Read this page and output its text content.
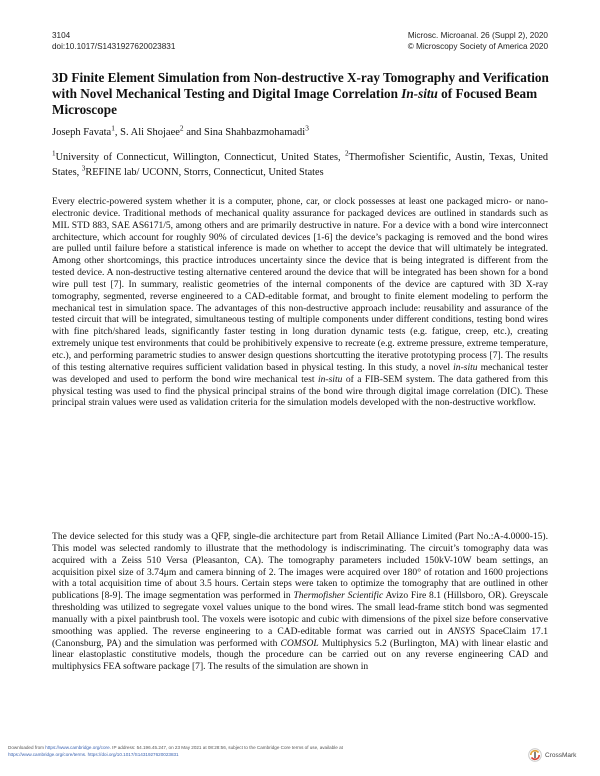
3104
doi:10.1017/S1431927620023831
Microsc. Microanal. 26 (Suppl 2), 2020
© Microscopy Society of America 2020
3D Finite Element Simulation from Non-destructive X-ray Tomography and Verification with Novel Mechanical Testing and Digital Image Correlation In-situ of Focused Beam Microscope

Joseph Favata$^1$, S. Ali Shojaee$^2$ and Sina Shahbazmohamadi$^3$

$^1$University of Connecticut, Willington, Connecticut, United States, $^2$Thermofisher Scientific, Austin, Texas, United States, $^3$REFINE lab/ UCONN, Storrs, Connecticut, United States

Every electric-powered system whether it is a computer, phone, car, or clock possesses at least one packaged micro- or nano-electronic device. Traditional methods of mechanical quality assurance for packaged devices are outlined in standards such as MIL STD 883, SAE AS6171/5, among others and are primarily destructive in nature. For a device with a bond wire interconnect architecture, which account for roughly 90% of circulated devices [1-6] the device’s packaging is removed and the bond wires are pulled until failure before a statistical inference is made on whether to accept the device that will ultimately be integrated. Among other shortcomings, this practice introduces uncertainty since the device that is being integrated is different from the tested device. A non-destructive testing alternative centered around the device that will be integrated has been shown for a bond wire pull test [7]. In summary, realistic geometries of the internal components of the device are captured with 3D X-ray tomography, segmented, reverse engineered to a CAD-editable format, and brought to finite element modeling to perform the mechanical test in simulation space. The advantages of this non-destructive approach include: reusability and assurance of the tested circuit that will be integrated, simultaneous testing of multiple components under different conditions, testing bond wires with fine pitch/shared leads, significantly faster testing in long duration dynamic tests (e.g. fatigue, creep, etc.), creating extremely unique test environments that could be prohibitively expensive to recreate (e.g. extreme pressure, extreme temperature, etc.), and performing parametric studies to answer design questions shortcutting the iterative prototyping process [7]. The results of this testing alternative requires sufficient validation based in physical testing. In this study, a novel in-situ mechanical tester was developed and used to perform the bond wire mechanical test in-situ of a FIB-SEM system. The data gathered from this physical testing was used to find the physical principal strains of the bond wire through digital image correlation (DIC). These principal strain values were used as validation criteria for the simulation models developed with the non-destructive workflow.

The device selected for this study was a QFP, single-die architecture part from Retail Alliance Limited (Part No.:A-4.0000-15). This model was selected randomly to illustrate that the methodology is indiscriminating. The circuit’s tomography data was acquired with a Zeiss 510 Versa (Pleasanton, CA). The tomography parameters included 150kV-10W beam settings, an acquisition pixel size of 3.74μm and camera binning of 2. The images were acquired over 180° of rotation and 1600 projections with a total acquisition time of about 3.5 hours. Certain steps were taken to optimize the tomography that are outlined in other publications [8-9]. The image segmentation was performed in Thermofisher Scientific Avizo Fire 8.1 (Hillsboro, OR). Greyscale thresholding was utilized to segregate voxel values unique to the bond wires. The small lead-frame stitch bond was segmented manually with a pixel paintbrush tool. The voxels were isotopic and cubic with dimensions of the pixel size before conservative smoothing was applied. The reverse engineering to a CAD-editable format was carried out in ANSYS SpaceClaim 17.1 (Canonsburg, PA) and the simulation was performed with COMSOL Multiphysics 5.2 (Burlington, MA) with linear elastic and linear elastoplastic constitutive models, though the procedure can be carried out on any reverse engineering CAD and multiphysics FEA software package [7]. The results of the simulation are shown in

Downloaded from https://www.cambridge.org/core. IP address: 54.196.45.247, on 23 May 2021 at 08:28:56, subject to the Cambridge Core terms of use, available at
https://www.cambridge.org/core/terms. https://doi.org/10.1017/S1431927620023831	CrossMark
